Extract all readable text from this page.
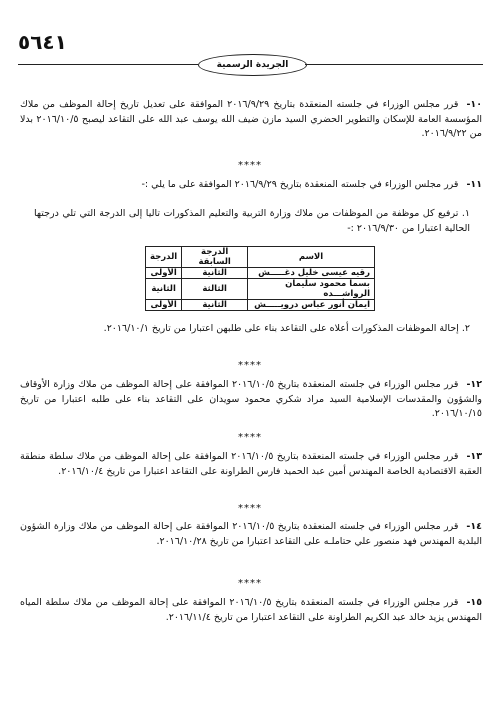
٥٦٤١
الجريدة الرسمية
١٠-قرر مجلس الوزراء في جلسته المنعقدة بتاريخ ٢٠١٦/٩/٢٩ الموافقة على تعديل تاريخ إحالة الموظف من ملاك المؤسسة العامة للإسكان والتطوير الحضري السيد مازن ضيف الله يوسف عبد الله على التقاعد ليصبح ٢٠١٦/١٠/٥ بدلا من ٢٠١٦/٩/٢٢.
****
١١-قرر مجلس الوزراء في جلسته المنعقدة بتاريخ ٢٠١٦/٩/٢٩ الموافقة على ما يلي :-
١. ترفيع كل موظفة من الموظفات من ملاك وزارة التربية والتعليم المذكورات تاليا إلى الدرجة التي تلي درجتها الحالية اعتبارا من ٢٠١٦/٩/٣٠ :-
الاسم	الدرجة السابقة	الدرجة
رقيه عيسى خليل دغـــــش	الثانية	الأولى
بسما محمود سليمان الرواشـــده	الثالثة	الثانية
ايمان أنور عباس درويـــــش	الثانية	الأولى
٢. إحالة الموظفات المذكورات أعلاه على التقاعد بناء على طلبهن اعتبارا من تاريخ ٢٠١٦/١٠/١.
****
١٢-قرر مجلس الوزراء في جلسته المنعقدة بتاريخ ٢٠١٦/١٠/٥ الموافقة على إحالة الموظف من ملاك وزارة الأوقاف والشؤون والمقدسات الإسلامية السيد مراد شكري محمود سويدان على التقاعد بناء على طلبه اعتبارا من تاريخ ٢٠١٦/١٠/١٥.
****
١٣-قرر مجلس الوزراء في جلسته المنعقدة بتاريخ ٢٠١٦/١٠/٥ الموافقة على إحالة الموظف من ملاك سلطة منطقة العقبة الاقتصادية الخاصة المهندس أمين عبد الحميد فارس الطراونة على التقاعد اعتبارا من تاريخ ٢٠١٦/١٠/٤.
****
١٤-قرر مجلس الوزراء في جلسته المنعقدة بتاريخ ٢٠١٦/١٠/٥ الموافقة على إحالة الموظف من ملاك وزارة الشؤون البلدية المهندس فهد منصور علي حتاملـه على التقاعد اعتبارا من تاريخ ٢٠١٦/١٠/٢٨.
****
١٥-قرر مجلس الوزراء في جلسته المنعقدة بتاريخ ٢٠١٦/١٠/٥ الموافقة على إحالة الموظف من ملاك سلطة المياه المهندس يزيد خالد عبد الكريم الطراونة على التقاعد اعتبارا من تاريخ ٢٠١٦/١١/٤.
